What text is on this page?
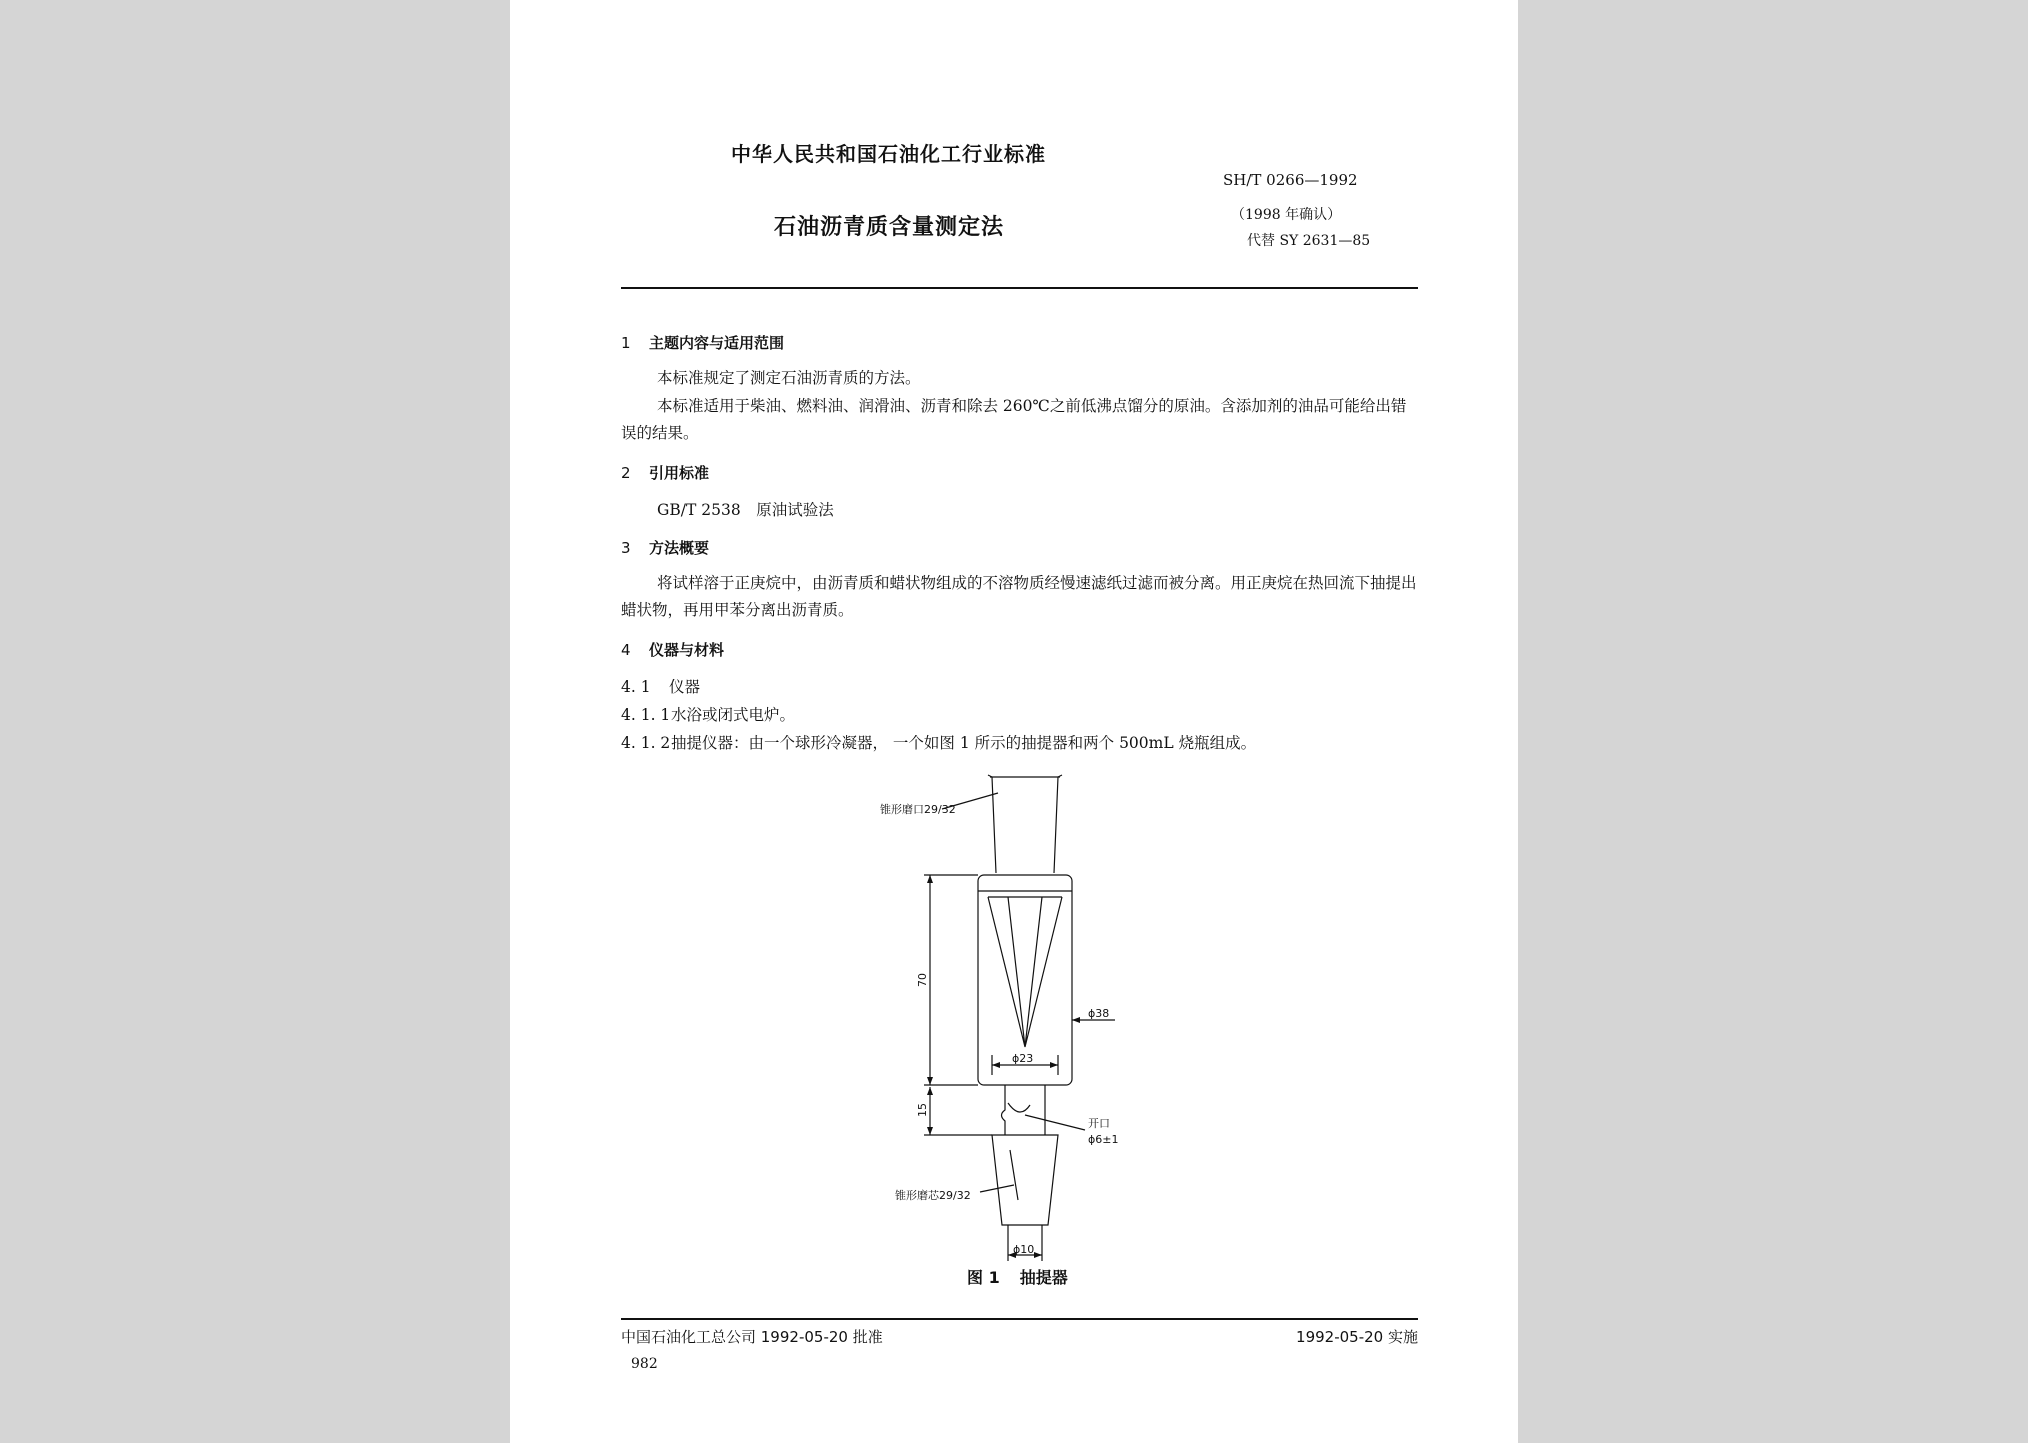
中华人民共和国石油化工行业标准
SH/T 0266—1992
石油沥青质含量测定法	（1998 年确认）
代替 SY 2631—85
1 主题内容与适用范围
本标准规定了测定石油沥青质的方法。
本标准适用于柴油、燃料油、润滑油、沥青和除去 260℃之前低沸点馏分的原油。含添加剂的油品可能给出错误的结果。
2 引用标准
GB/T 2538　原油试验法
3 方法概要
将试样溶于正庚烷中，由沥青质和蜡状物组成的不溶物质经慢速滤纸过滤而被分离。用正庚烷在热回流下抽提出蜡状物，再用甲苯分离出沥青质。
4 仪器与材料
4. 1 仪器
4. 1. 1水浴或闭式电炉。
4. 1. 2抽提仪器：由一个球形冷凝器， 一个如图 1 所示的抽提器和两个 500mL 烧瓶组成。
锥形磨口29/32
70
15
ϕ38
ϕ23
开口
ϕ6±1
锥形磨芯29/32
ϕ10
图 1 抽提器
中国石油化工总公司 1992-05-20 批准	1992-05-20 实施
982
